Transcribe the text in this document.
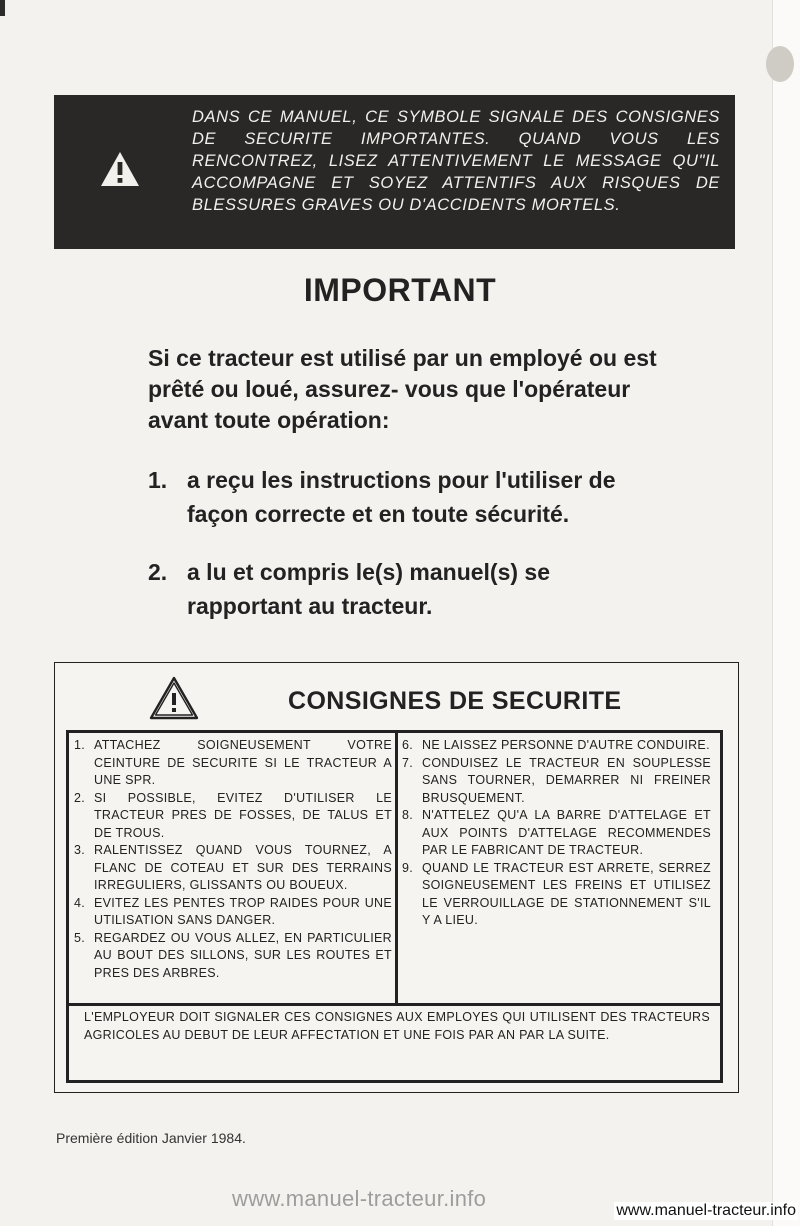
DANS CE MANUEL, CE SYMBOLE SIGNALE DES CONSIGNES DE SECURITE IMPORTANTES. QUAND VOUS LES RENCONTREZ, LISEZ ATTENTIVEMENT LE MESSAGE QU"IL ACCOMPAGNE ET SOYEZ ATTENTIFS AUX RISQUES DE BLESSURES GRAVES OU D'ACCIDENTS MORTELS.

IMPORTANT

Si ce tracteur est utilisé par un employé ou est prêté ou loué, assurez- vous que l'opérateur avant toute opération:

1. a reçu les instructions pour l'utiliser de façon correcte et en toute sécurité.
2. a lu et compris le(s) manuel(s) se rapportant au tracteur.
CONSIGNES DE SECURITE
1. ATTACHEZ SOIGNEUSEMENT VOTRE CEINTURE DE SECURITE SI LE TRACTEUR A UNE SPR.
2. SI POSSIBLE, EVITEZ D'UTILISER LE TRACTEUR PRES DE FOSSES, DE TALUS ET DE TROUS.
3. RALENTISSEZ QUAND VOUS TOURNEZ, A FLANC DE COTEAU ET SUR DES TERRAINS IRREGULIERS, GLISSANTS OU BOUEUX.
4. EVITEZ LES PENTES TROP RAIDES POUR UNE UTILISATION SANS DANGER.
5. REGARDEZ OU VOUS ALLEZ, EN PARTICULIER AU BOUT DES SILLONS, SUR LES ROUTES ET PRES DES ARBRES.
6. NE LAISSEZ PERSONNE D'AUTRE CONDUIRE.
7. CONDUISEZ LE TRACTEUR EN SOUPLESSE SANS TOURNER, DEMARRER NI FREINER BRUSQUEMENT.
8. N'ATTELEZ QU'A LA BARRE D'ATTELAGE ET AUX POINTS D'ATTELAGE RECOMMENDES PAR LE FABRICANT DE TRACTEUR.
9. QUAND LE TRACTEUR EST ARRETE, SERREZ SOIGNEUSEMENT LES FREINS ET UTILISEZ LE VERROUILLAGE DE STATIONNEMENT S'IL Y A LIEU.

L'EMPLOYEUR DOIT SIGNALER CES CONSIGNES AUX EMPLOYES QUI UTILISENT DES TRACTEURS AGRICOLES AU DEBUT DE LEUR AFFECTATION ET UNE FOIS PAR AN PAR LA SUITE.

Première édition Janvier 1984.

www.manuel-tracteur.info	www.manuel-tracteur.info
